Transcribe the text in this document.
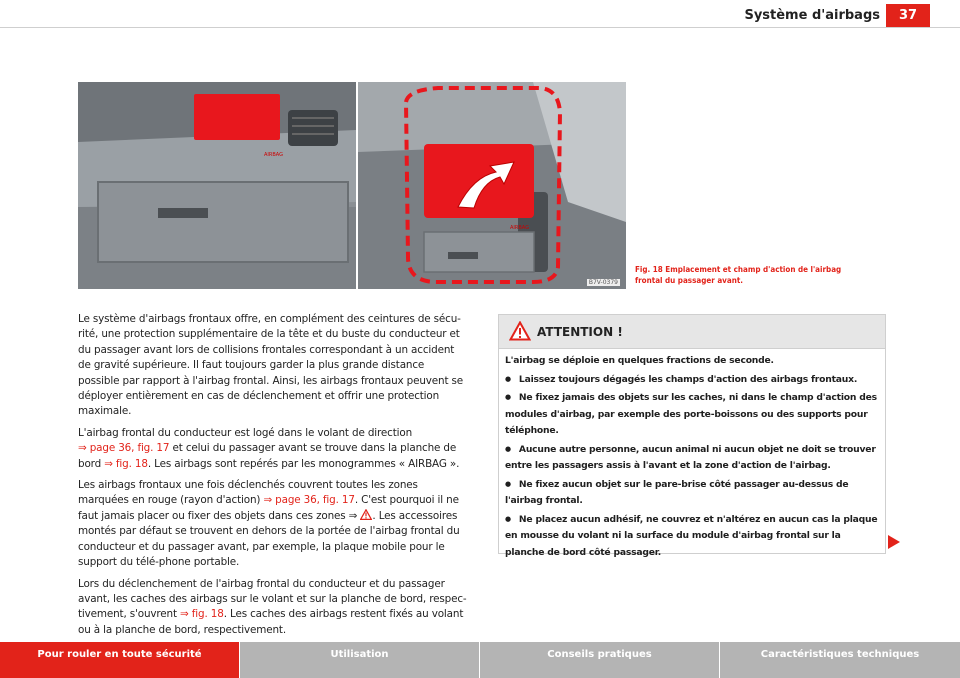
Système d'airbags	37
B7V-0379
AIRBAG
AIRBAG
Fig. 18 Emplacement et champ d'action de l'airbag
frontal du passager avant.

Le système d'airbags frontaux offre, en complément des ceintures de sécu-rité, une protection supplémentaire de la tête et du buste du conducteur et du passager avant lors de collisions frontales correspondant à un accident de gravité supérieure. Il faut toujours garder la plus grande distance possible par rapport à l'airbag frontal. Ainsi, les airbags frontaux peuvent se déployer entièrement en cas de déclenchement et offrir une protection maximale.

L'airbag frontal du conducteur est logé dans le volant de direction
⇒ page 36, fig. 17 et celui du passager avant se trouve dans la planche de bord ⇒ fig. 18. Les airbags sont repérés par les monogrammes « AIRBAG ».

Les airbags frontaux une fois déclenchés couvrent toutes les zones marquées en rouge (rayon d'action) ⇒ page 36, fig. 17. C'est pourquoi il ne faut jamais placer ou fixer des objets dans ces zones ⇒ . Les accessoires montés par défaut se trouvent en dehors de la portée de l'airbag frontal du conducteur et du passager avant, par exemple, la plaque mobile pour le support du télé-phone portable.

Lors du déclenchement de l'airbag frontal du conducteur et du passager avant, les caches des airbags sur le volant et sur la planche de bord, respec-tivement, s'ouvrent ⇒ fig. 18. Les caches des airbags restent fixés au volant ou à la planche de bord, respectivement.

ATTENTION !
L'airbag se déploie en quelques fractions de seconde.
● Laissez toujours dégagés les champs d'action des airbags frontaux.
● Ne fixez jamais des objets sur les caches, ni dans le champ d'action des modules d'airbag, par exemple des porte-boissons ou des supports pour téléphone.
● Aucune autre personne, aucun animal ni aucun objet ne doit se trouver entre les passagers assis à l'avant et la zone d'action de l'airbag.
● Ne fixez aucun objet sur le pare-brise côté passager au-dessus de l'airbag frontal.
● Ne placez aucun adhésif, ne couvrez et n'altérez en aucun cas la plaque en mousse du volant ni la surface du module d'airbag frontal sur la planche de bord côté passager.
Pour rouler en toute sécurité	Utilisation	Conseils pratiques	Caractéristiques techniques
